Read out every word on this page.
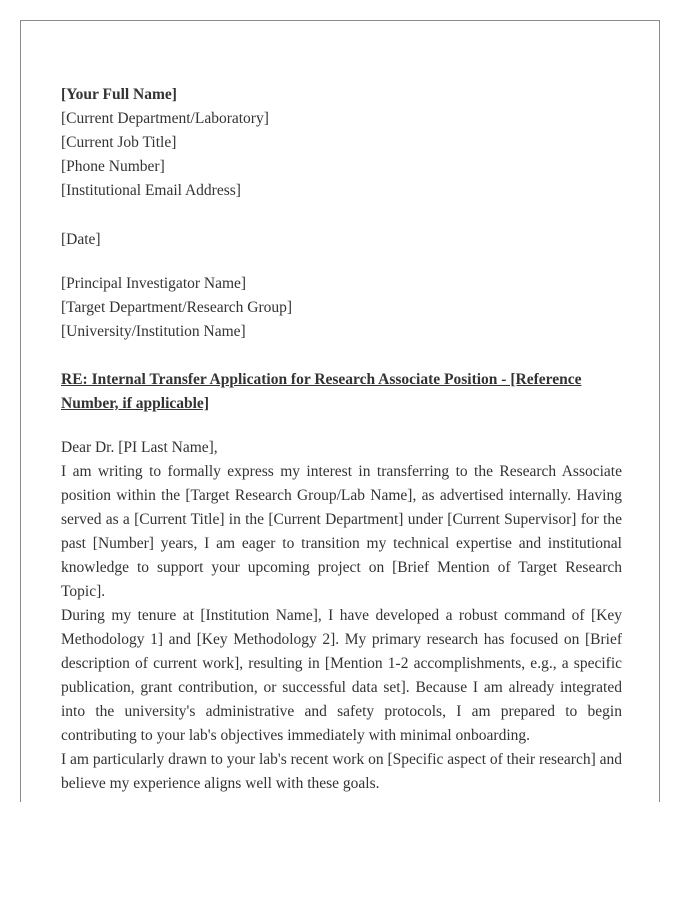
[Your Full Name]
[Current Department/Laboratory]
[Current Job Title]
[Phone Number]
[Institutional Email Address]
[Date]
[Principal Investigator Name]
[Target Department/Research Group]
[University/Institution Name]

RE: Internal Transfer Application for Research Associate Position - [Reference Number, if applicable]

Dear Dr. [PI Last Name],

I am writing to formally express my interest in transferring to the Research Associate position within the [Target Research Group/Lab Name], as advertised internally. Having served as a [Current Title] in the [Current Department] under [Current Supervisor] for the past [Number] years, I am eager to transition my technical expertise and institutional knowledge to support your upcoming project on [Brief Mention of Target Research Topic].

During my tenure at [Institution Name], I have developed a robust command of [Key Methodology 1] and [Key Methodology 2]. My primary research has focused on [Brief description of current work], resulting in [Mention 1-2 accomplishments, e.g., a specific publication, grant contribution, or successful data set]. Because I am already integrated into the university's administrative and safety protocols, I am prepared to begin contributing to your lab's objectives immediately with minimal onboarding.

I am particularly drawn to your lab's recent work on [Specific aspect of their research] and believe my experience aligns well with these goals.
